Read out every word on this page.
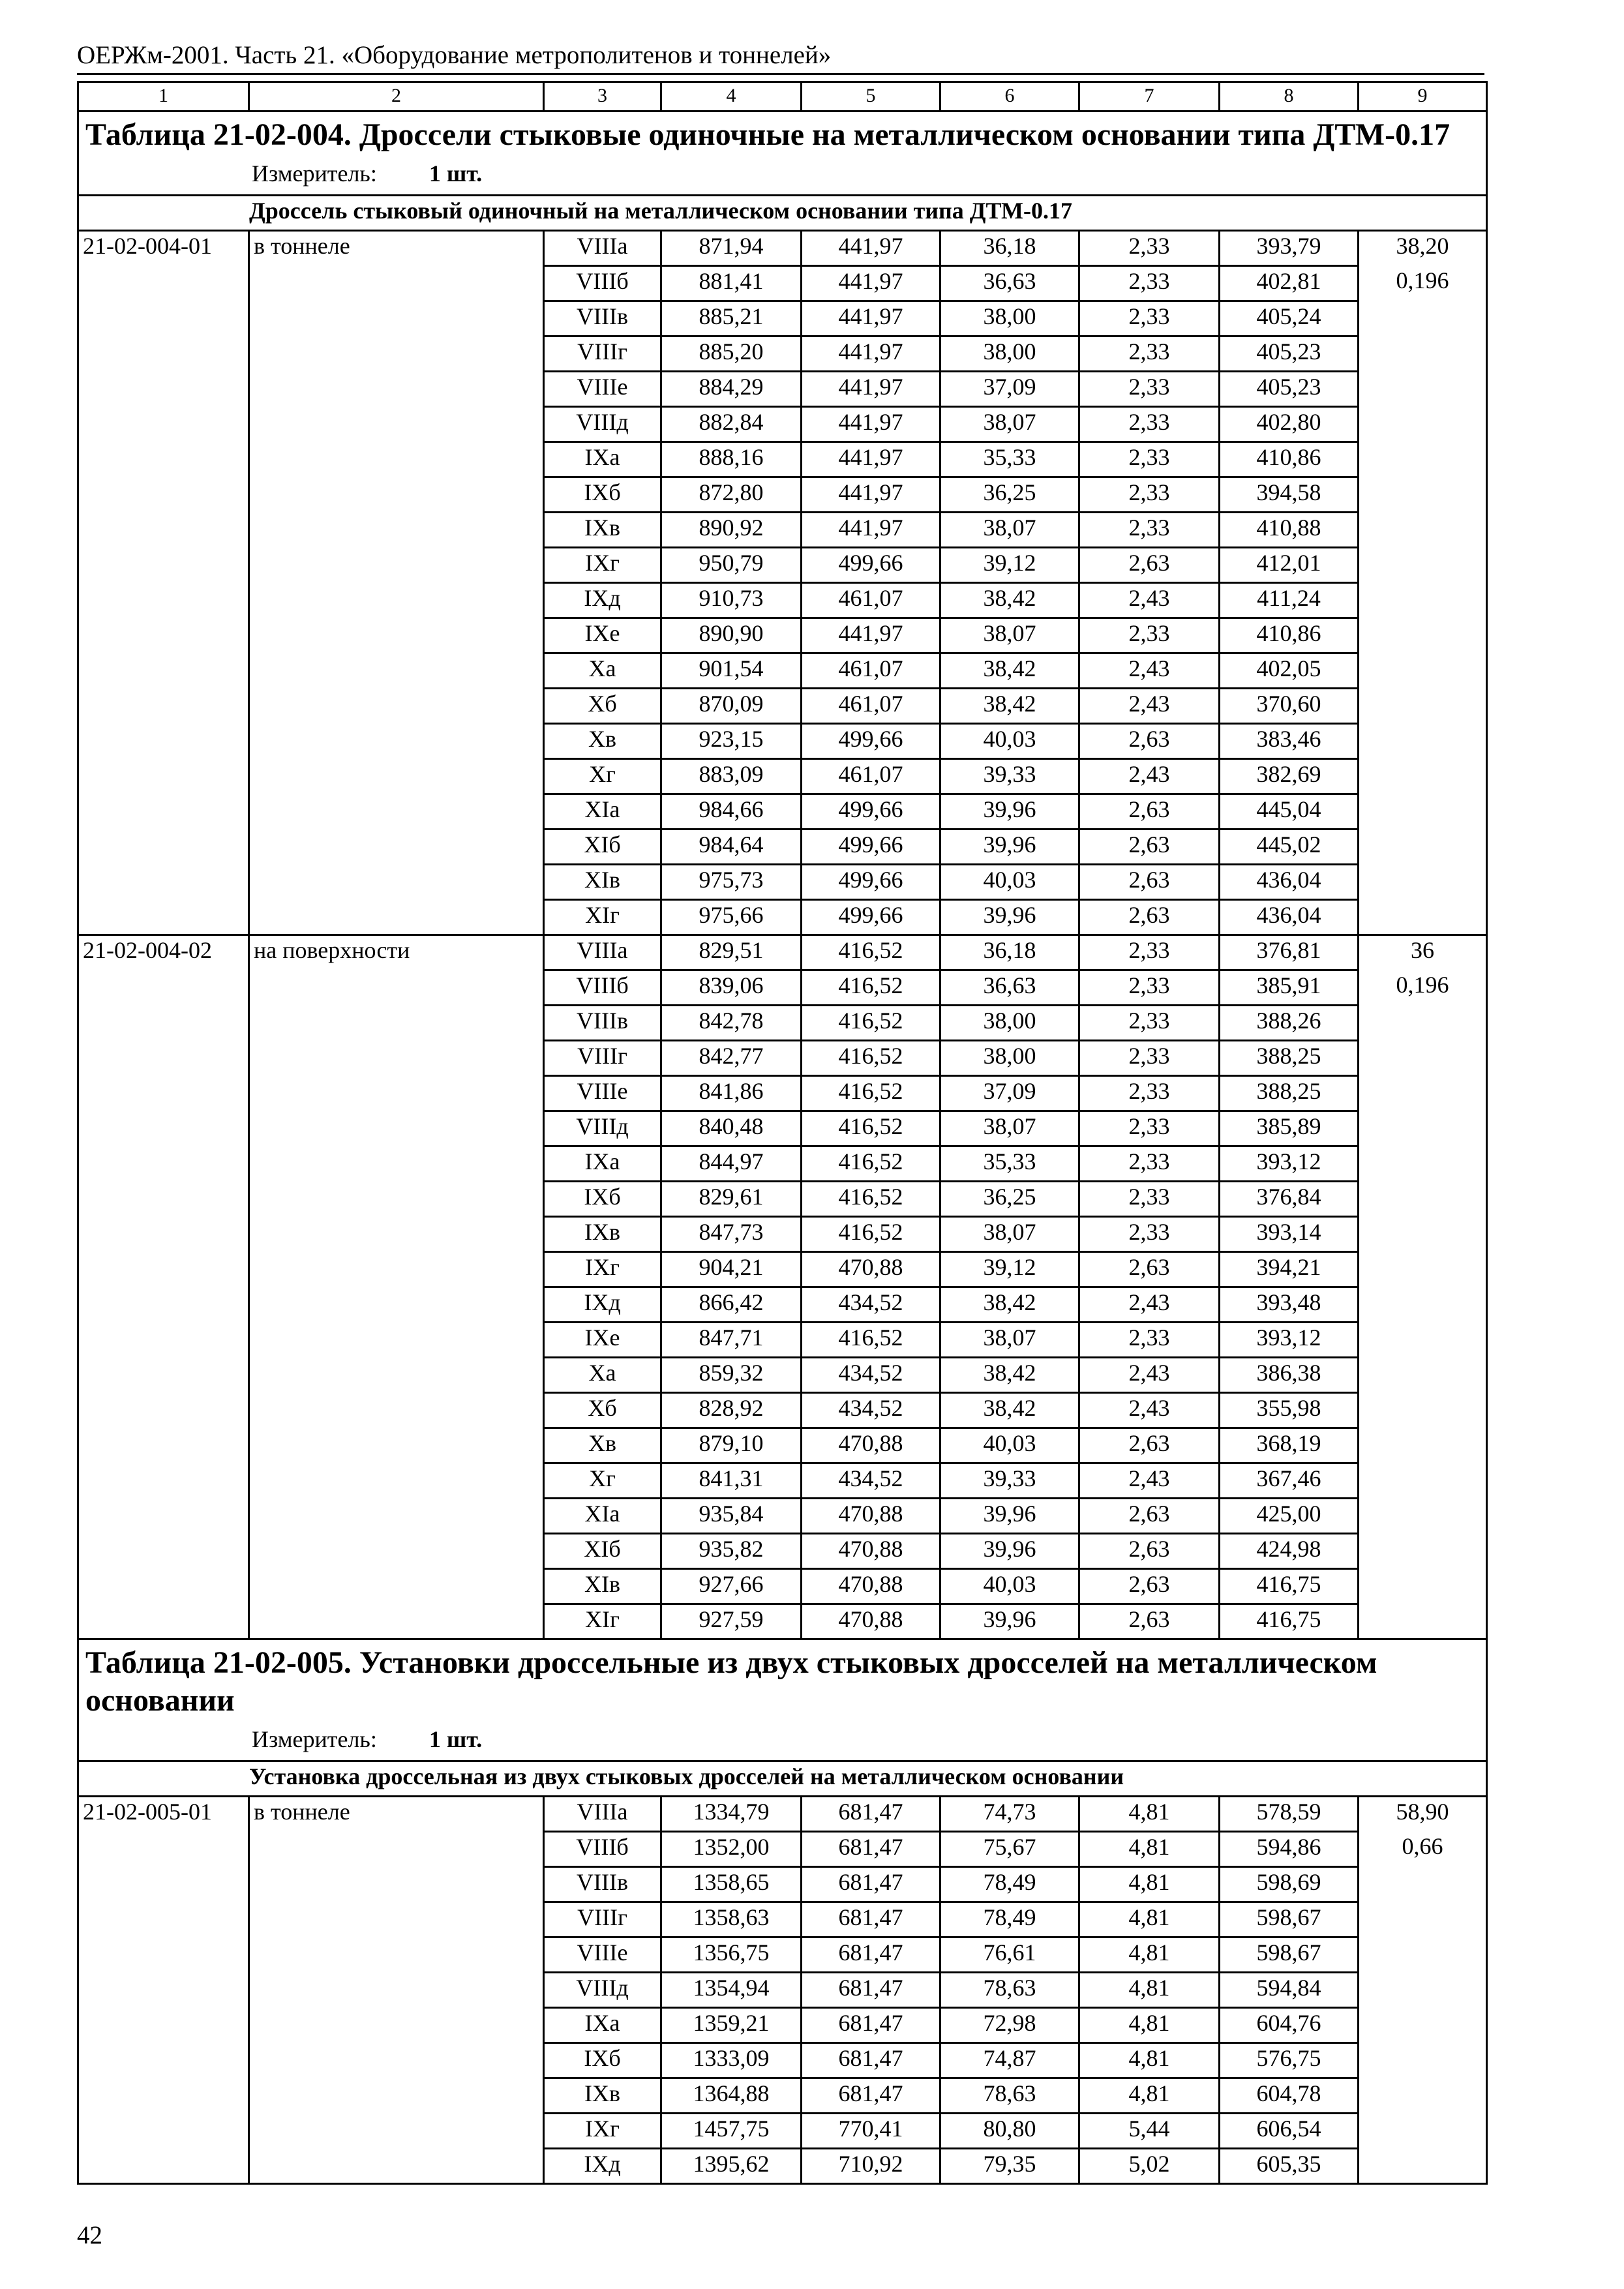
ОЕРЖм-2001. Часть 21. «Оборудование метрополитенов и тоннелей»
1	2	3	4	5	6	7	8	9

Таблица 21-02-004. Дроссели стыковые одиночные на металлическом основании типа ДТМ-0.17
Измеритель: 1 шт.								

Дроссель стыковый одиночный на металлическом основании типа ДТМ-0.17								
21-02-004-01	в тоннеле	VIIIа	871,94	441,97	36,18	2,33	393,79	38,20
		VIIIб	881,41	441,97	36,63	2,33	402,81	0,196
		VIIIв	885,21	441,97	38,00	2,33	405,24	
		VIIIг	885,20	441,97	38,00	2,33	405,23	
		VIIIе	884,29	441,97	37,09	2,33	405,23	
		VIIIд	882,84	441,97	38,07	2,33	402,80	
		IXа	888,16	441,97	35,33	2,33	410,86	
		IXб	872,80	441,97	36,25	2,33	394,58	
		IXв	890,92	441,97	38,07	2,33	410,88	
		IXг	950,79	499,66	39,12	2,63	412,01	
		IXд	910,73	461,07	38,42	2,43	411,24	
		IXе	890,90	441,97	38,07	2,33	410,86	
		Xа	901,54	461,07	38,42	2,43	402,05	
		Xб	870,09	461,07	38,42	2,43	370,60	
		Xв	923,15	499,66	40,03	2,63	383,46	
		Xг	883,09	461,07	39,33	2,43	382,69	
		XIа	984,66	499,66	39,96	2,63	445,04	
		XIб	984,64	499,66	39,96	2,63	445,02	
		XIв	975,73	499,66	40,03	2,63	436,04	
		XIг	975,66	499,66	39,96	2,63	436,04	
21-02-004-02	на поверхности	VIIIа	829,51	416,52	36,18	2,33	376,81	36
		VIIIб	839,06	416,52	36,63	2,33	385,91	0,196
		VIIIв	842,78	416,52	38,00	2,33	388,26	
		VIIIг	842,77	416,52	38,00	2,33	388,25	
		VIIIе	841,86	416,52	37,09	2,33	388,25	
		VIIIд	840,48	416,52	38,07	2,33	385,89	
		IXа	844,97	416,52	35,33	2,33	393,12	
		IXб	829,61	416,52	36,25	2,33	376,84	
		IXв	847,73	416,52	38,07	2,33	393,14	
		IXг	904,21	470,88	39,12	2,63	394,21	
		IXд	866,42	434,52	38,42	2,43	393,48	
		IXе	847,71	416,52	38,07	2,33	393,12	
		Xа	859,32	434,52	38,42	2,43	386,38	
		Xб	828,92	434,52	38,42	2,43	355,98	
		Xв	879,10	470,88	40,03	2,63	368,19	
		Xг	841,31	434,52	39,33	2,43	367,46	
		XIа	935,84	470,88	39,96	2,63	425,00	
		XIб	935,82	470,88	39,96	2,63	424,98	
		XIв	927,66	470,88	40,03	2,63	416,75	
		XIг	927,59	470,88	39,96	2,63	416,75	

Таблица 21-02-005. Установки дроссельные из двух стыковых дросселей на металлическом основании
Измеритель: 1 шт.								

Установка дроссельная из двух стыковых дросселей на металлическом основании								
21-02-005-01	в тоннеле	VIIIа	1334,79	681,47	74,73	4,81	578,59	58,90
		VIIIб	1352,00	681,47	75,67	4,81	594,86	0,66
		VIIIв	1358,65	681,47	78,49	4,81	598,69	
		VIIIг	1358,63	681,47	78,49	4,81	598,67	
		VIIIе	1356,75	681,47	76,61	4,81	598,67	
		VIIIд	1354,94	681,47	78,63	4,81	594,84	
		IXа	1359,21	681,47	72,98	4,81	604,76	
		IXб	1333,09	681,47	74,87	4,81	576,75	
		IXв	1364,88	681,47	78,63	4,81	604,78	
		IXг	1457,75	770,41	80,80	5,44	606,54	
		IXд	1395,62	710,92	79,35	5,02	605,35	
42
